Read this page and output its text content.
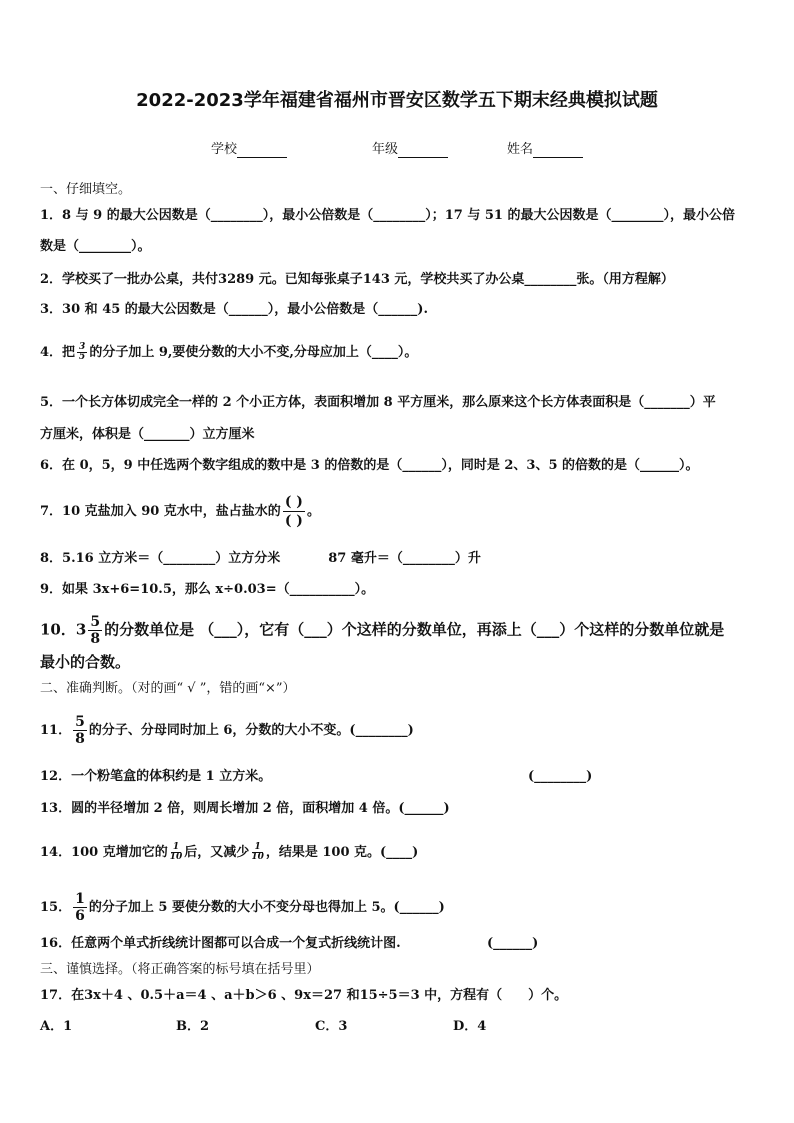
2022-2023学年福建省福州市晋安区数学五下期末经典模拟试题
学校	年级	姓名
一、仔细填空。
1．8 与 9 的最大公因数是（________），最小公倍数是（________）；17 与 51 的最大公因数是（________），最小公倍
数是（________）。
2．学校买了一批办公桌，共付3289 元。已知每张桌子143 元，学校共买了办公桌________张。（用方程解）
3．30 和 45 的最大公因数是（______），最小公倍数是（______).
4．把 $\frac{3}{5}$ 的分子加上 9,要使分数的大小不变,分母应加上（____）。
5．一个长方体切成完全一样的 2 个小正方体，表面积增加 8 平方厘米，那么原来这个长方体表面积是（_______）平
方厘米，体积是（_______）立方厘米
6．在 0，5，9 中任选两个数字组成的数中是 3 的倍数的是（______），同时是 2、3、5 的倍数的是（______）。
7．10 克盐加入 90 克水中，盐占盐水的 $\frac{( )}{( )}$ 。
8．5.16 立方米＝（________）立方分米	87 毫升＝（________）升
9．如果 3x+6=10.5，那么 x÷0.03=（__________）。
10．$3 \frac{5}{8}$ 的分数单位是 （___），它有（___）个这样的分数单位，再添上（___）个这样的分数单位就是
最小的合数。
二、准确判断。（对的画“ √ ”，错的画“×”）
11． $\frac{5}{8}$ 的分子、分母同时加上 6，分数的大小不变。(________)
12．一个粉笔盒的体积约是 1 立方米。	(________)
13．圆的半径增加 2 倍，则周长增加 2 倍，面积增加 4 倍。(______)
14．100 克增加它的 $\frac{1}{10}$ 后，又减少 $\frac{1}{10}$ ，结果是 100 克。(____)
15． $\frac{1}{6}$ 的分子加上 5 要使分数的大小不变分母也得加上 5。(______)
16．任意两个单式折线统计图都可以合成一个复式折线统计图.	(______)
三、谨慎选择。（将正确答案的标号填在括号里）
17．在3x＋4 、0.5＋a＝4 、a＋b＞6 、9x＝27 和15÷5＝3 中，方程有（　　）个。
A．1	B．2	C．3	D．4
